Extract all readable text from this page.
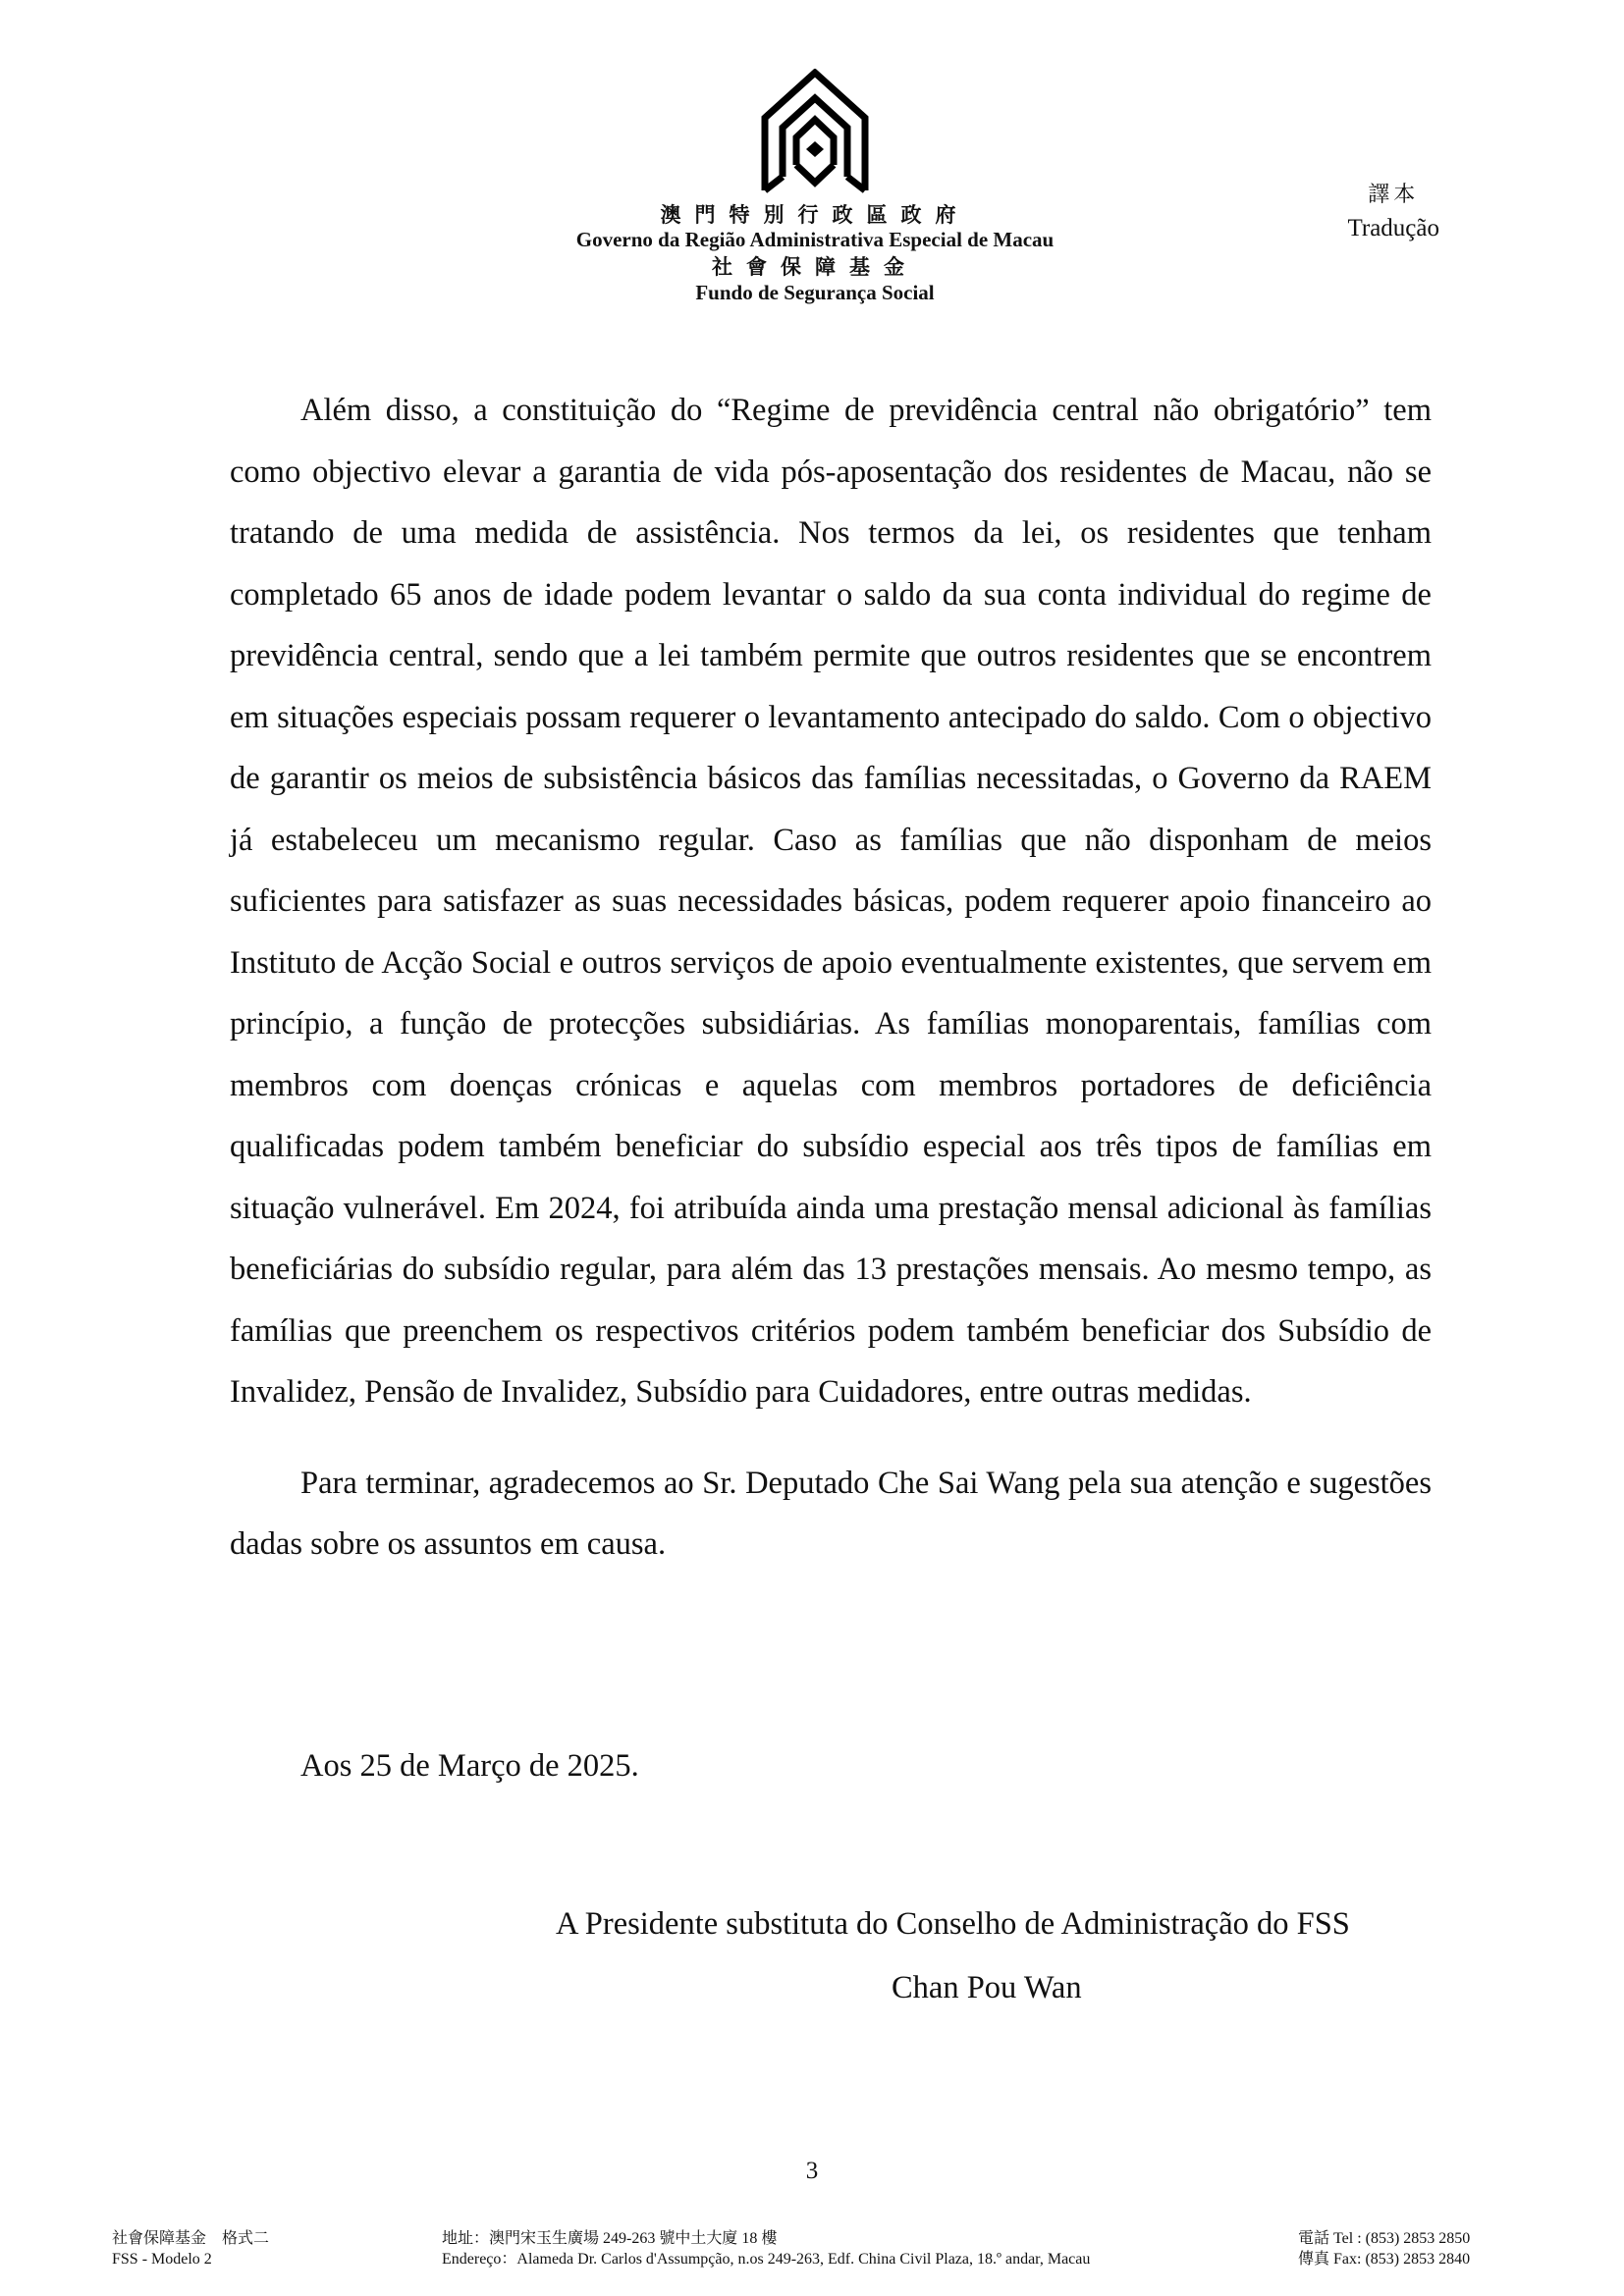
澳門特別行政區政府
Governo da Região Administrativa Especial de Macau
社會保障基金
Fundo de Segurança Social
譯本
Tradução

Além disso, a constituição do “Regime de previdência central não obrigatório” tem como objectivo elevar a garantia de vida pós-aposentação dos residentes de Macau, não se tratando de uma medida de assistência. Nos termos da lei, os residentes que tenham completado 65 anos de idade podem levantar o saldo da sua conta individual do regime de previdência central, sendo que a lei também permite que outros residentes que se encontrem em situações especiais possam requerer o levantamento antecipado do saldo. Com o objectivo de garantir os meios de subsistência básicos das famílias necessitadas, o Governo da RAEM já estabeleceu um mecanismo regular. Caso as famílias que não disponham de meios suficientes para satisfazer as suas necessidades básicas, podem requerer apoio financeiro ao Instituto de Acção Social e outros serviços de apoio eventualmente existentes, que servem em princípio, a função de protecções subsidiárias. As famílias monoparentais, famílias com membros com doenças crónicas e aquelas com membros portadores de deficiência qualificadas podem também beneficiar do subsídio especial aos três tipos de famílias em situação vulnerável. Em 2024, foi atribuída ainda uma prestação mensal adicional às famílias beneficiárias do subsídio regular, para além das 13 prestações mensais. Ao mesmo tempo, as famílias que preenchem os respectivos critérios podem também beneficiar dos Subsídio de Invalidez, Pensão de Invalidez, Subsídio para Cuidadores, entre outras medidas.

Para terminar, agradecemos ao Sr. Deputado Che Sai Wang pela sua atenção e sugestões dadas sobre os assuntos em causa.

Aos 25 de Março de 2025.
A Presidente substituta do Conselho de Administração do FSS
Chan Pou Wan
3
社會保障基金　格式二
FSS - Modelo 2
地址：澳門宋玉生廣場 249-263 號中土大廈 18 樓
Endereço：Alameda Dr. Carlos d'Assumpção, n.os 249-263, Edf. China Civil Plaza, 18.º andar, Macau
電話 Tel : (853) 2853 2850
傳真 Fax: (853) 2853 2840
